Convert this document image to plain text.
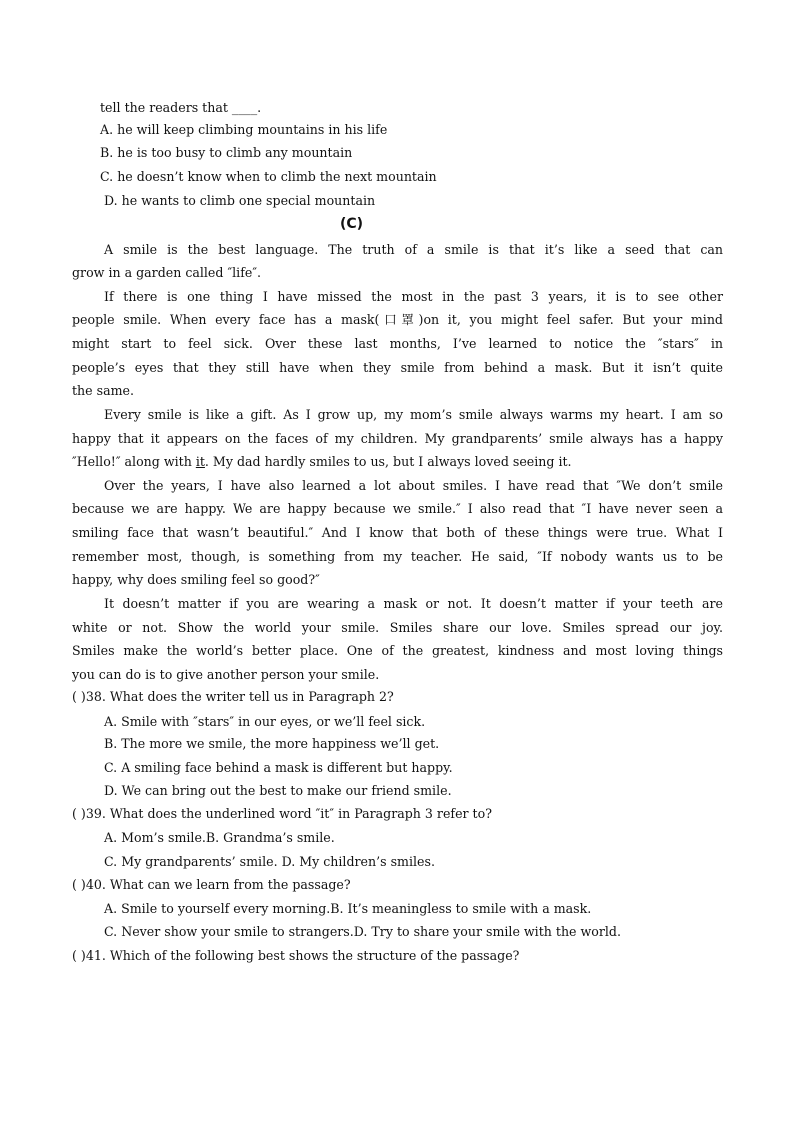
tell the readers that ____.
A. he will keep climbing mountains in his life
B. he is too busy to climb any mountain
C. he doesn’t know when to climb the next mountain
D. he wants to climb one special mountain
(C)
A smile is the best language. The truth of a smile is that it’s like a seed that can
grow in a garden called ″life″.
If there is one thing I have missed the most in the past 3 years, it is to see other
people smile. When every face has a mask(口罩)on it, you might feel safer. But your mind
might start to feel sick. Over these last months, I’ve learned to notice the ″stars″ in
people’s eyes that they still have when they smile from behind a mask. But it isn’t quite
the same.
Every smile is like a gift. As I grow up, my mom’s smile always warms my heart. I am so
happy that it appears on the faces of my children. My grandparents’ smile always has a happy
″Hello!″ along with it. My dad hardly smiles to us, but I always loved seeing it.
Over the years, I have also learned a lot about smiles. I have read that ″We don’t smile
because we are happy. We are happy because we smile.″ I also read that ″I have never seen a
smiling face that wasn’t beautiful.″ And I know that both of these things were true. What I
remember most, though, is something from my teacher. He said, ″If nobody wants us to be
happy, why does smiling feel so good?″
It doesn’t matter if you are wearing a mask or not. It doesn’t matter if your teeth are
white or not. Show the world your smile. Smiles share our love. Smiles spread our joy.
Smiles make the world’s better place. One of the greatest, kindness and most loving things
you can do is to give another person your smile.
( )38. What does the writer tell us in Paragraph 2?
A. Smile with ″stars″ in our eyes, or we’ll feel sick.
B. The more we smile, the more happiness we’ll get.
C. A smiling face behind a mask is different but happy.
D. We can bring out the best to make our friend smile.
( )39. What does the underlined word ″it″ in Paragraph 3 refer to?
A. Mom’s smile.B. Grandma’s smile.
C. My grandparents’ smile. D. My children’s smiles.
( )40. What can we learn from the passage?
A. Smile to yourself every morning.B. It’s meaningless to smile with a mask.
C. Never show your smile to strangers.D. Try to share your smile with the world.
( )41. Which of the following best shows the structure of the passage?
